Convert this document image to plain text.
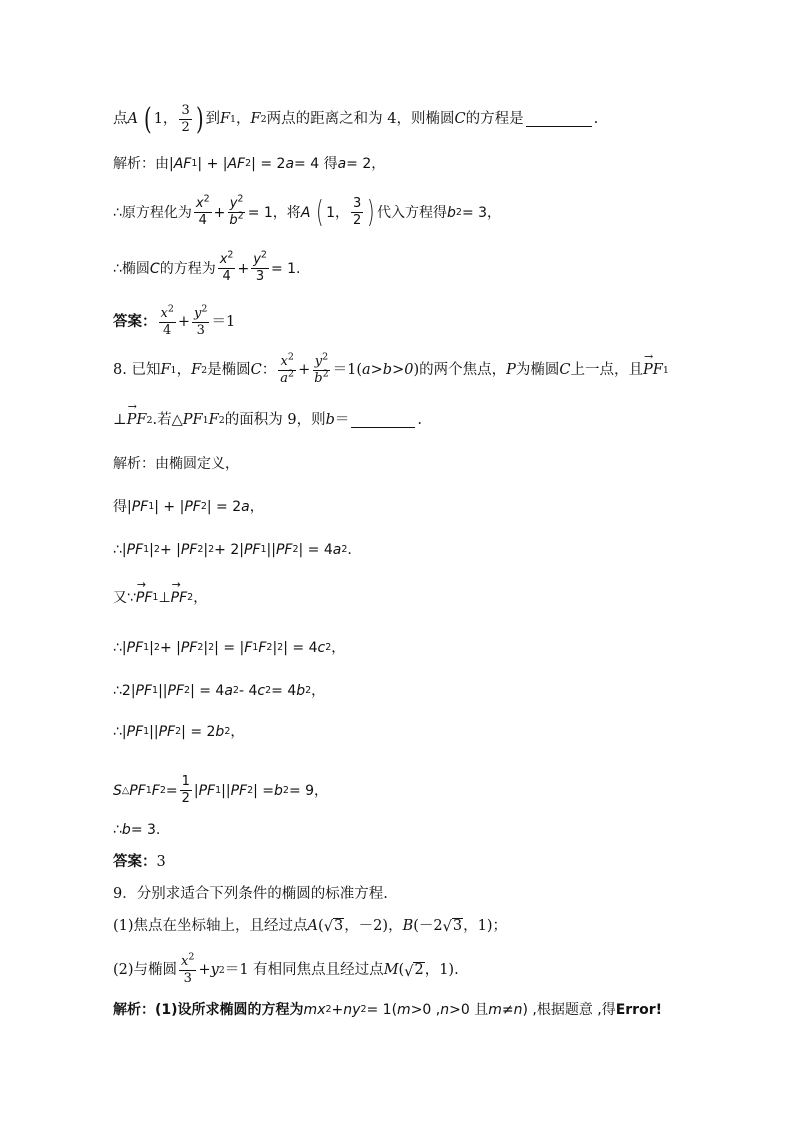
点 A ( 1， $\frac{3}{2}$ ) 到 F 1 ， F 2 两点的距离之和为 4，则椭圆 C 的方程是	.
解析：由| AF 1 | + | AF 2 | = 2 a = 4 得 a = 2，
∴原方程化为 $\frac{x^2}{4} + \frac{y^2}{b^2} = 1$，将 A ( 1， $\frac{3}{2}$ ) 代入方程得 b 2 = 3，
∴椭圆 C 的方程为 $\frac{x^2}{4} + \frac{y^2}{3} = 1$.
答案： $\frac{x^2}{4} + \frac{y^2}{3} =1$
8. 已知 F 1 ， F 2 是椭圆 C ： $\frac{x^2}{a^2} + \frac{y^2}{b^2} =1$( a>b>0 )的两个焦点， P 为椭圆 C 上一点，且 → PF 1
⊥ → PF 2 .若△ PF 1 F 2 的面积为 9，则 b ＝	.
解析：由椭圆定义，
得| PF 1 | + | PF 2 | = 2 a ，
∴| PF 1 | 2 + | PF 2 | 2 + 2| PF 1 || PF 2 | = 4 a 2 .
又∵ → PF 1 ⊥ → PF 2 ，
∴| PF 1 | 2 + | PF 2 | 2 | = | F 1 F 2 | 2 | = 4 c 2 ，
∴2| PF 1 || PF 2 | = 4 a 2 - 4 c 2 = 4 b 2 ，
∴| PF 1 || PF 2 | = 2 b 2 ，
S △ PF 1 F $2 = \frac{1}{2}$ | PF 1 || PF 2 | = b 2 = 9，
∴ b = 3.
答案： 3
9．分别求适合下列条件的椭圆的标准方程.
(1)焦点在坐标轴上，且经过点 A ( √ 3 ，－2)， B (－2 √ 3 ，1)；
(2)与椭圆 $\frac{x^2}{3} + y$ 2 ＝1 有相同焦点且经过点 M ( √ 2 ，1).
解析：(1)设所求椭圆的方程为 m x 2 + n y 2 = 1( m >0 , n >0 且 m ≠ n ) ,根据题意 ,得 Error!
